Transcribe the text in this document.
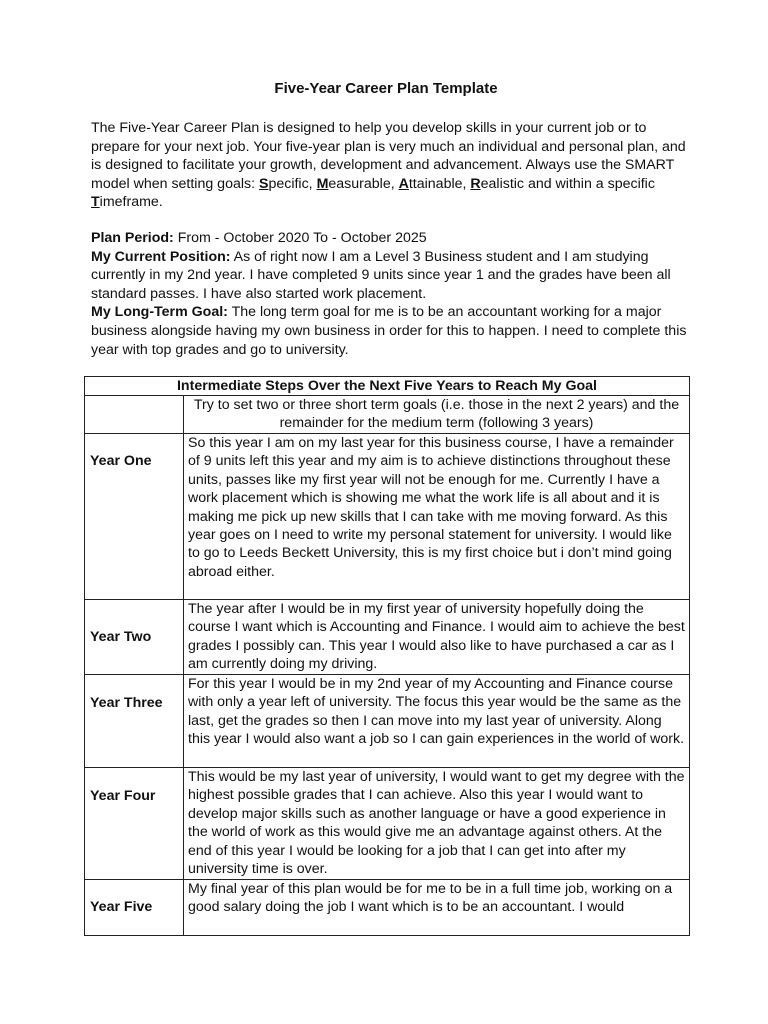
Five-Year Career Plan Template
The Five-Year Career Plan is designed to help you develop skills in your current job or to prepare for your next job. Your five-year plan is very much an individual and personal plan, and is designed to facilitate your growth, development and advancement. Always use the SMART model when setting goals: Specific, Measurable, Attainable, Realistic and within a specific Timeframe.

Plan Period: From - October 2020 To - October 2025

My Current Position: As of right now I am a Level 3 Business student and I am studying currently in my 2nd year. I have completed 9 units since year 1 and the grades have been all standard passes. I have also started work placement.

My Long-Term Goal: The long term goal for me is to be an accountant working for a major business alongside having my own business in order for this to happen. I need to complete this year with top grades and go to university.

Intermediate Steps Over the Next Five Years to Reach My Goal	
	Try to set two or three short term goals (i.e. those in the next 2 years) and the remainder for the medium term (following 3 years)
Year One	So this year I am on my last year for this business course, I have a remainder of 9 units left this year and my aim is to achieve distinctions throughout these units, passes like my first year will not be enough for me. Currently I have a work placement which is showing me what the work life is all about and it is making me pick up new skills that I can take with me moving forward. As this year goes on I need to write my personal statement for university. I would like to go to Leeds Beckett University, this is my first choice but i don’t mind going abroad either.
Year Two	The year after I would be in my first year of university hopefully doing the course I want which is Accounting and Finance. I would aim to achieve the best grades I possibly can. This year I would also like to have purchased a car as I am currently doing my driving.
Year Three	For this year I would be in my 2nd year of my Accounting and Finance course with only a year left of university. The focus this year would be the same as the last, get the grades so then I can move into my last year of university. Along this year I would also want a job so I can gain experiences in the world of work.
Year Four	This would be my last year of university, I would want to get my degree with the highest possible grades that I can achieve. Also this year I would want to develop major skills such as another language or have a good experience in the world of work as this would give me an advantage against others. At the end of this year I would be looking for a job that I can get into after my university time is over.
Year Five	My final year of this plan would be for me to be in a full time job, working on a good salary doing the job I want which is to be an accountant. I would
